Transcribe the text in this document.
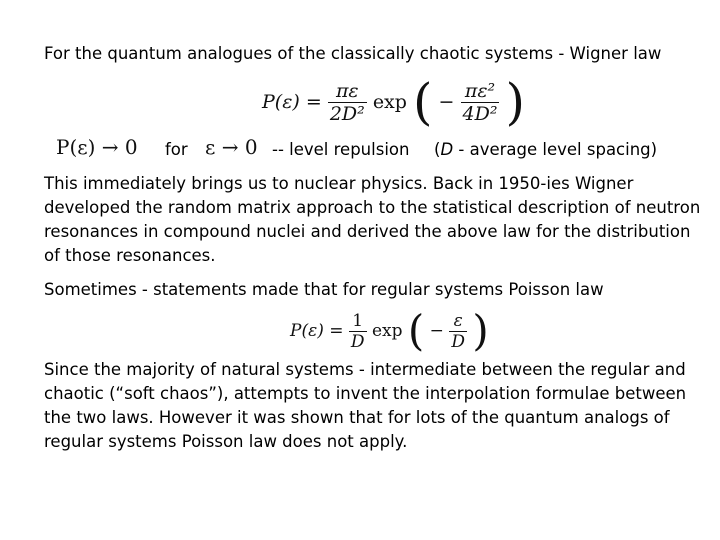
For the quantum analogues of the classically chaotic systems - Wigner law
$P(\varepsilon) = \frac{\pi\varepsilon}{\text{2D²}}$ exp ( − $\frac{\text{πε²}}{\text{4D²}}$ )
P(ε) → 0 for ε → 0 -- level repulsion (D - average level spacing)
This immediately brings us to nuclear physics. Back in 1950-ies Wigner developed the random matrix approach to the statistical description of neutron resonances in compound nuclei and derived the above law for the distribution of those resonances.
Sometimes - statements made that for regular systems Poisson law
$P(\varepsilon) = \frac{1}{D}$ exp ( − $\frac{\varepsilon}{D}$ )
Since the majority of natural systems - intermediate between the regular and chaotic (“soft chaos”), attempts to invent the interpolation formulae between the two laws. However it was shown that for lots of the quantum analogs of regular systems Poisson law does not apply.
